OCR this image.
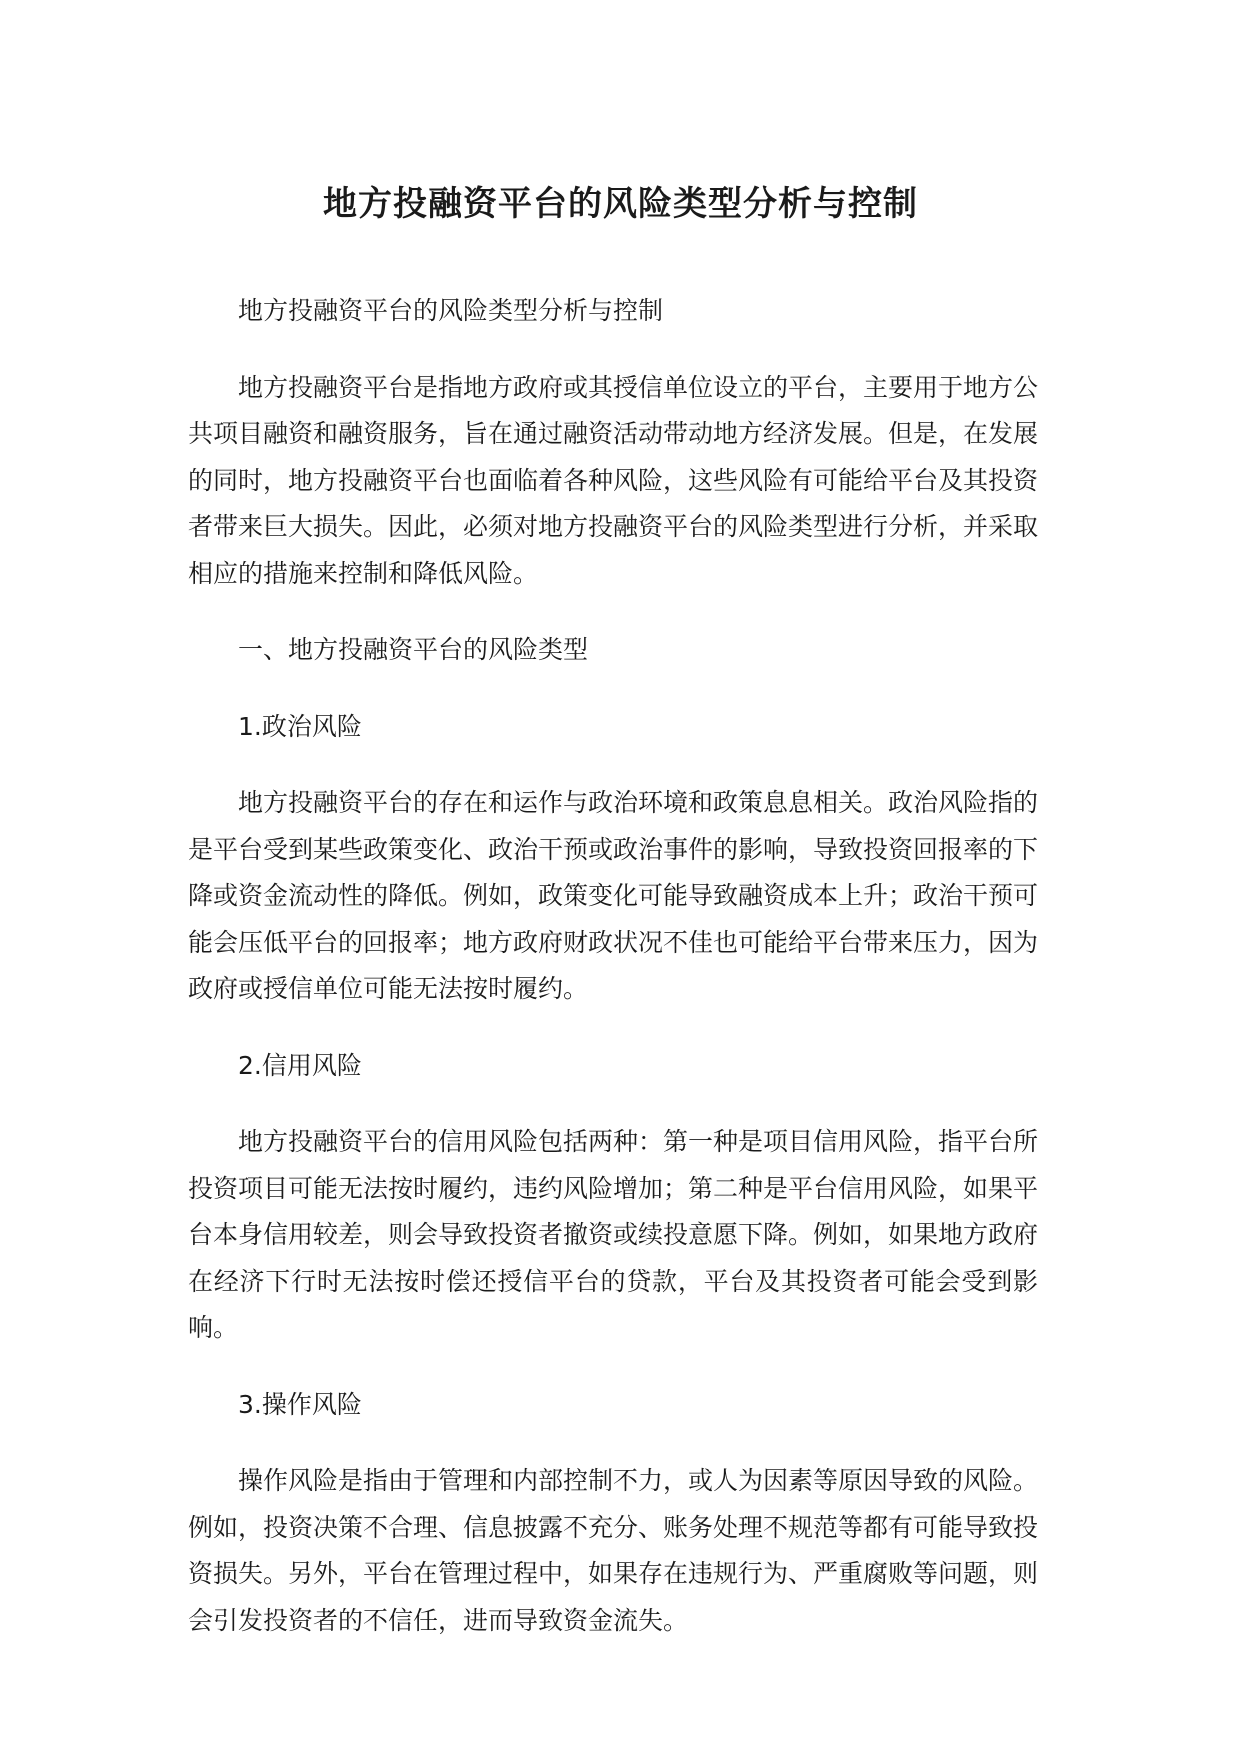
地方投融资平台的风险类型分析与控制

地方投融资平台的风险类型分析与控制

地方投融资平台是指地方政府或其授信单位设立的平台，主要用于地方公共项目融资和融资服务，旨在通过融资活动带动地方经济发展。但是，在发展的同时，地方投融资平台也面临着各种风险，这些风险有可能给平台及其投资者带来巨大损失。因此，必须对地方投融资平台的风险类型进行分析，并采取相应的措施来控制和降低风险。

一、地方投融资平台的风险类型

1.政治风险

地方投融资平台的存在和运作与政治环境和政策息息相关。政治风险指的是平台受到某些政策变化、政治干预或政治事件的影响，导致投资回报率的下降或资金流动性的降低。例如，政策变化可能导致融资成本上升；政治干预可能会压低平台的回报率；地方政府财政状况不佳也可能给平台带来压力，因为政府或授信单位可能无法按时履约。

2.信用风险

地方投融资平台的信用风险包括两种：第一种是项目信用风险，指平台所投资项目可能无法按时履约，违约风险增加；第二种是平台信用风险，如果平台本身信用较差，则会导致投资者撤资或续投意愿下降。例如，如果地方政府在经济下行时无法按时偿还授信平台的贷款，平台及其投资者可能会受到影响。

3.操作风险

操作风险是指由于管理和内部控制不力，或人为因素等原因导致的风险。例如，投资决策不合理、信息披露不充分、账务处理不规范等都有可能导致投资损失。另外，平台在管理过程中，如果存在违规行为、严重腐败等问题，则会引发投资者的不信任，进而导致资金流失。
